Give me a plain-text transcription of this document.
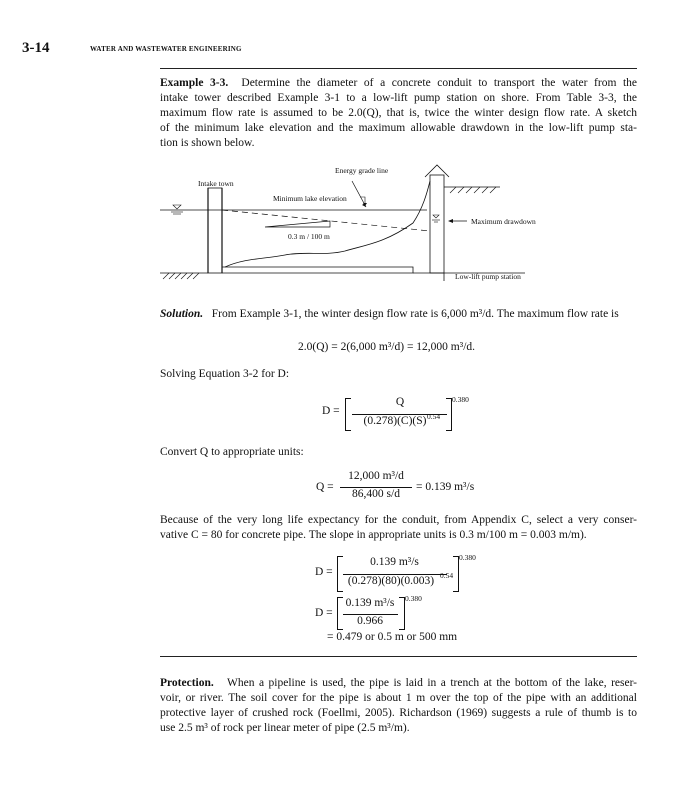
3-14	WATER AND WASTEWATER ENGINEERING
Example 3-3. Determine the diameter of a concrete conduit to transport the water from the
intake tower described Example 3-1 to a low-lift pump station on shore. From Table 3-3, the
maximum flow rate is assumed to be 2.0(Q), that is, twice the winter design flow rate. A sketch
of the minimum lake elevation and the maximum allowable drawdown in the low-lift pump sta-
tion is shown below.
Energy grade line
Intake town
Minimum lake elevation
Maximum drawdown
0.3 m / 100 m
Low-lift pump station
Solution. From Example 3-1, the winter design flow rate is 6,000 m³/d. The maximum flow rate is
2.0(Q) = 2(6,000 m³/d) = 12,000 m³/d.
Solving Equation 3-2 for D:
D =
Q
(0.278)(C)(S) 0.54
0.380
Convert Q to appropriate units:
Q =
12,000 m³/d
86,400 s/d
= 0.139 m³/s
Because of the very long life expectancy for the conduit, from Appendix C, select a very conser-
vative C = 80 for concrete pipe. The slope in appropriate units is 0.3 m/100 m = 0.003 m/m).
D =
0.139 m³/s
(0.278)(80)(0.003) 0.54
0.380
D =
0.139 m³/s
0.966
0.380
= 0.479 or 0.5 m or 500 mm
Protection. When a pipeline is used, the pipe is laid in a trench at the bottom of the lake, reser-
voir, or river. The soil cover for the pipe is about 1 m over the top of the pipe with an additional
protective layer of crushed rock (Foellmi, 2005). Richardson (1969) suggests a rule of thumb is to
use 2.5 m³ of rock per linear meter of pipe (2.5 m³/m).
